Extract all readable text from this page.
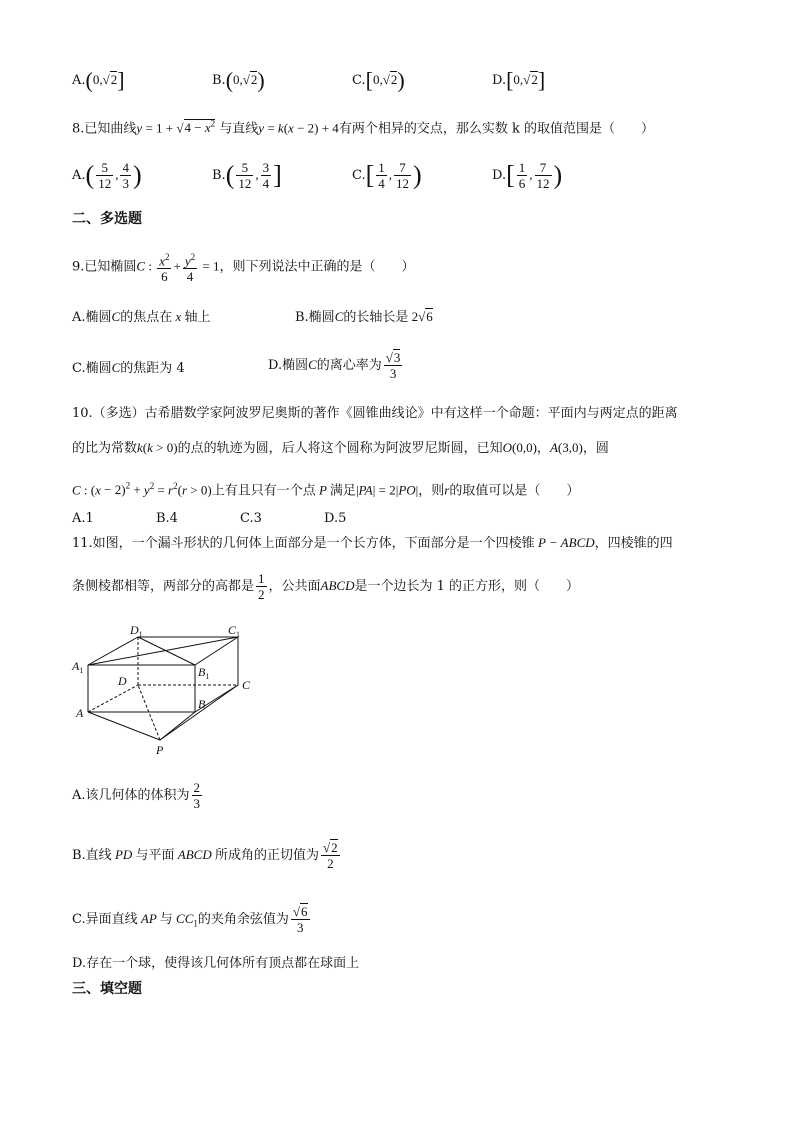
A.(0,√2]	B.(0,√2)	C.[0,√2)	D.[0,√2]
8.已知曲线$y = 1 + √4 - x^2$ 与直线y = k(x − 2) + 4有两个相异的交点，那么实数 k 的取值范围是（　　）
$A.( \frac{5}{12}$ , $\frac{4}{3}$ )	$B.( \frac{5}{12}$ , $\frac{3}{4}$ ]	$C.[ \frac{1}{4}$ , $\frac{7}{12}$ )	$D.[ \frac{1}{6}$ , $\frac{7}{12}$ )
二、多选题
9.已知椭圆C : $\frac{x^2}{6} + \frac{y^2}{4} = 1$，则下列说法中正确的是（　　）
A.椭圆C的焦点在 x 轴上	B.椭圆C的长轴长是 2√6
C.椭圆C的焦距为 4	D.椭圆C的离心率为 $\frac{√3}{3}$
10.（多选）古希腊数学家阿波罗尼奥斯的著作《圆锥曲线论》中有这样一个命题：平面内与两定点的距离
的比为常数k(k > 0)的点的轨迹为圆，后人将这个圆称为阿波罗尼斯圆，已知O(0,0)，A(3,0)，圆
C : $(x - 2)^2 + y^2 = r^2(r > 0)$上有且只有一个点 P 满足|PA| = 2|PO|，则r的取值可以是（　　）
A.1	B.4	C.3	D.5
11.如图，一个漏斗形状的几何体上面部分是一个长方体，下面部分是一个四棱锥 P − ABCD，四棱锥的四
条侧棱都相等，两部分的高都是 $\frac{1}{2}$ ，公共面ABCD是一个边长为 1 的正方形，则（　　）
$D_1$	$C_1$
$A_1$	$B_1$
D	C
A
B
P
A.该几何体的体积为 $\frac{2}{3}$
B.直线 PD 与平面 ABCD 所成角的正切值为 $\frac{√2}{2}$
C.异面直线 AP 与 $CC_1$的夹角余弦值为 $\frac{√6}{3}$
D.存在一个球，使得该几何体所有顶点都在球面上
三、填空题
